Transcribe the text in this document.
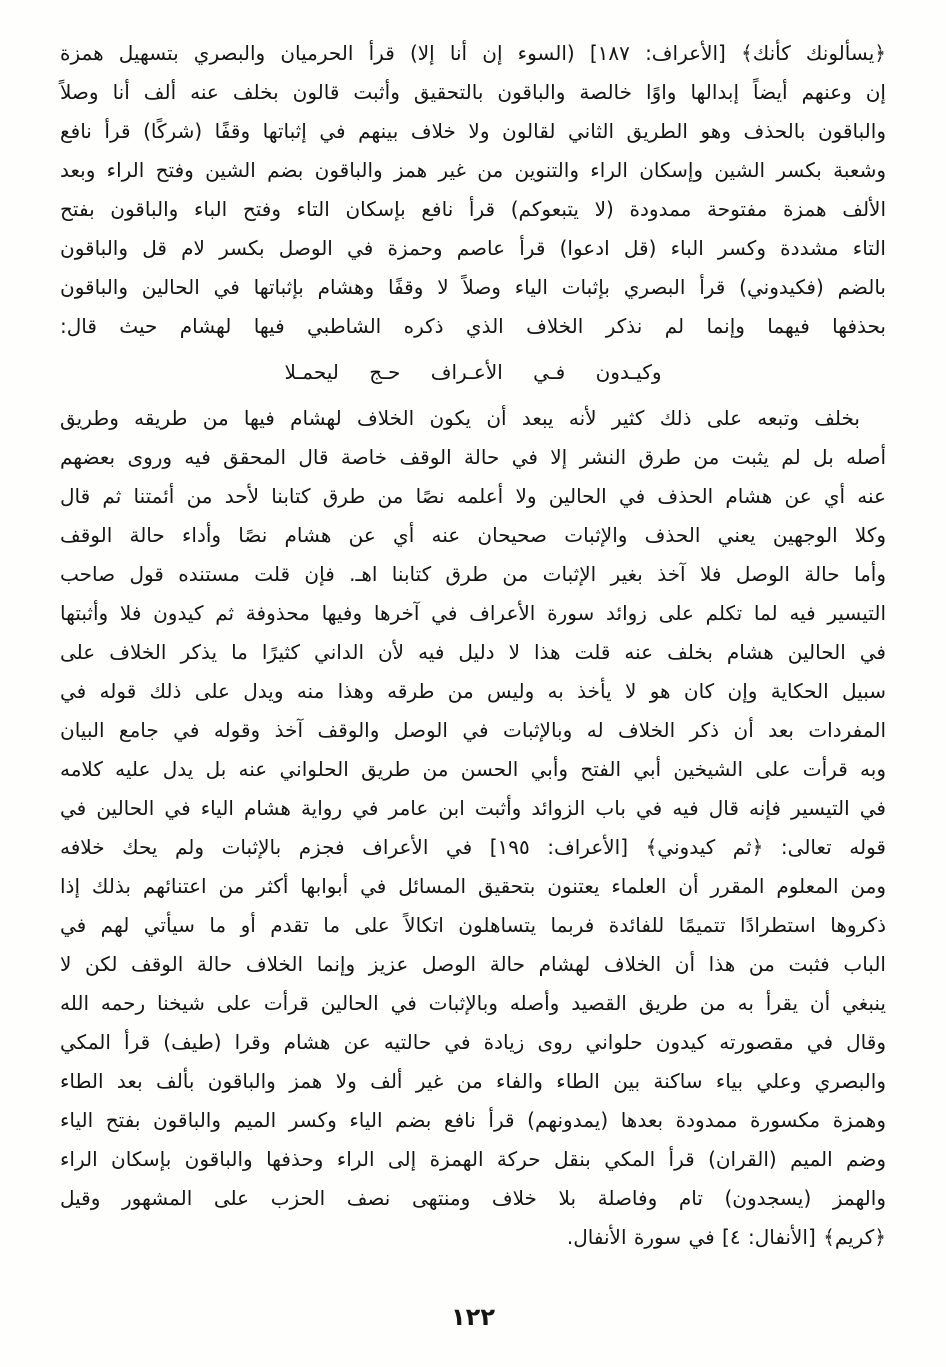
﴿يسألونك كأنك﴾ [الأعراف: ١٨٧] (السوء إن أنا إلا) قرأ الحرميان والبصري بتسهيل همزة
إن وعنهم أيضاً إبدالها واوًا خالصة والباقون بالتحقيق وأثبت قالون بخلف عنه ألف أنا وصلاً
والباقون بالحذف وهو الطريق الثاني لقالون ولا خلاف بينهم في إثباتها وقفًا (شركًا) قرأ نافع
وشعبة بكسر الشين وإسكان الراء والتنوين من غير همز والباقون بضم الشين وفتح الراء وبعد
الألف همزة مفتوحة ممدودة (لا يتبعوكم) قرأ نافع بإسكان التاء وفتح الباء والباقون بفتح
التاء مشددة وكسر الباء (قل ادعوا) قرأ عاصم وحمزة في الوصل بكسر لام قل والباقون
بالضم (فكيدوني) قرأ البصري بإثبات الياء وصلاً لا وقفًا وهشام بإثباتها في الحالين والباقون
بحذفها فيهما وإنما لم نذكر الخلاف الذي ذكره الشاطبي فيها لهشام حيث قال:
وكيـدون فـي الأعـراف حـج ليحمـلا
بخلف وتبعه على ذلك كثير لأنه يبعد أن يكون الخلاف لهشام فيها من طريقه وطريق
أصله بل لم يثبت من طرق النشر إلا في حالة الوقف خاصة قال المحقق فيه وروى بعضهم
عنه أي عن هشام الحذف في الحالين ولا أعلمه نصًا من طرق كتابنا لأحد من أئمتنا ثم قال
وكلا الوجهين يعني الحذف والإثبات صحيحان عنه أي عن هشام نصًا وأداء حالة الوقف
وأما حالة الوصل فلا آخذ بغير الإثبات من طرق كتابنا اهـ. فإن قلت مستنده قول صاحب
التيسير فيه لما تكلم على زوائد سورة الأعراف في آخرها وفيها محذوفة ثم كيدون فلا وأثبتها
في الحالين هشام بخلف عنه قلت هذا لا دليل فيه لأن الداني كثيرًا ما يذكر الخلاف على
سبيل الحكاية وإن كان هو لا يأخذ به وليس من طرقه وهذا منه ويدل على ذلك قوله في
المفردات بعد أن ذكر الخلاف له وبالإثبات في الوصل والوقف آخذ وقوله في جامع البيان
وبه قرأت على الشيخين أبي الفتح وأبي الحسن من طريق الحلواني عنه بل يدل عليه كلامه
في التيسير فإنه قال فيه في باب الزوائد وأثبت ابن عامر في رواية هشام الياء في الحالين في
قوله تعالى: ﴿ثم كيدوني﴾ [الأعراف: ١٩٥] في الأعراف فجزم بالإثبات ولم يحك خلافه
ومن المعلوم المقرر أن العلماء يعتنون بتحقيق المسائل في أبوابها أكثر من اعتنائهم بذلك إذا
ذكروها استطرادًا تتميمًا للفائدة فربما يتساهلون اتكالاً على ما تقدم أو ما سيأتي لهم في
الباب فثبت من هذا أن الخلاف لهشام حالة الوصل عزيز وإنما الخلاف حالة الوقف لكن لا
ينبغي أن يقرأ به من طريق القصيد وأصله وبالإثبات في الحالين قرأت على شيخنا رحمه الله
وقال في مقصورته كيدون حلواني روى زيادة في حالتيه عن هشام وقرا (طيف) قرأ المكي
والبصري وعلي بياء ساكنة بين الطاء والفاء من غير ألف ولا همز والباقون بألف بعد الطاء
وهمزة مكسورة ممدودة بعدها (يمدونهم) قرأ نافع بضم الياء وكسر الميم والباقون بفتح الياء
وضم الميم (القران) قرأ المكي بنقل حركة الهمزة إلى الراء وحذفها والباقون بإسكان الراء
والهمز (يسجدون) تام وفاصلة بلا خلاف ومنتهى نصف الحزب على المشهور وقيل
﴿كريم﴾ [الأنفال: ٤] في سورة الأنفال.
١٢٢
